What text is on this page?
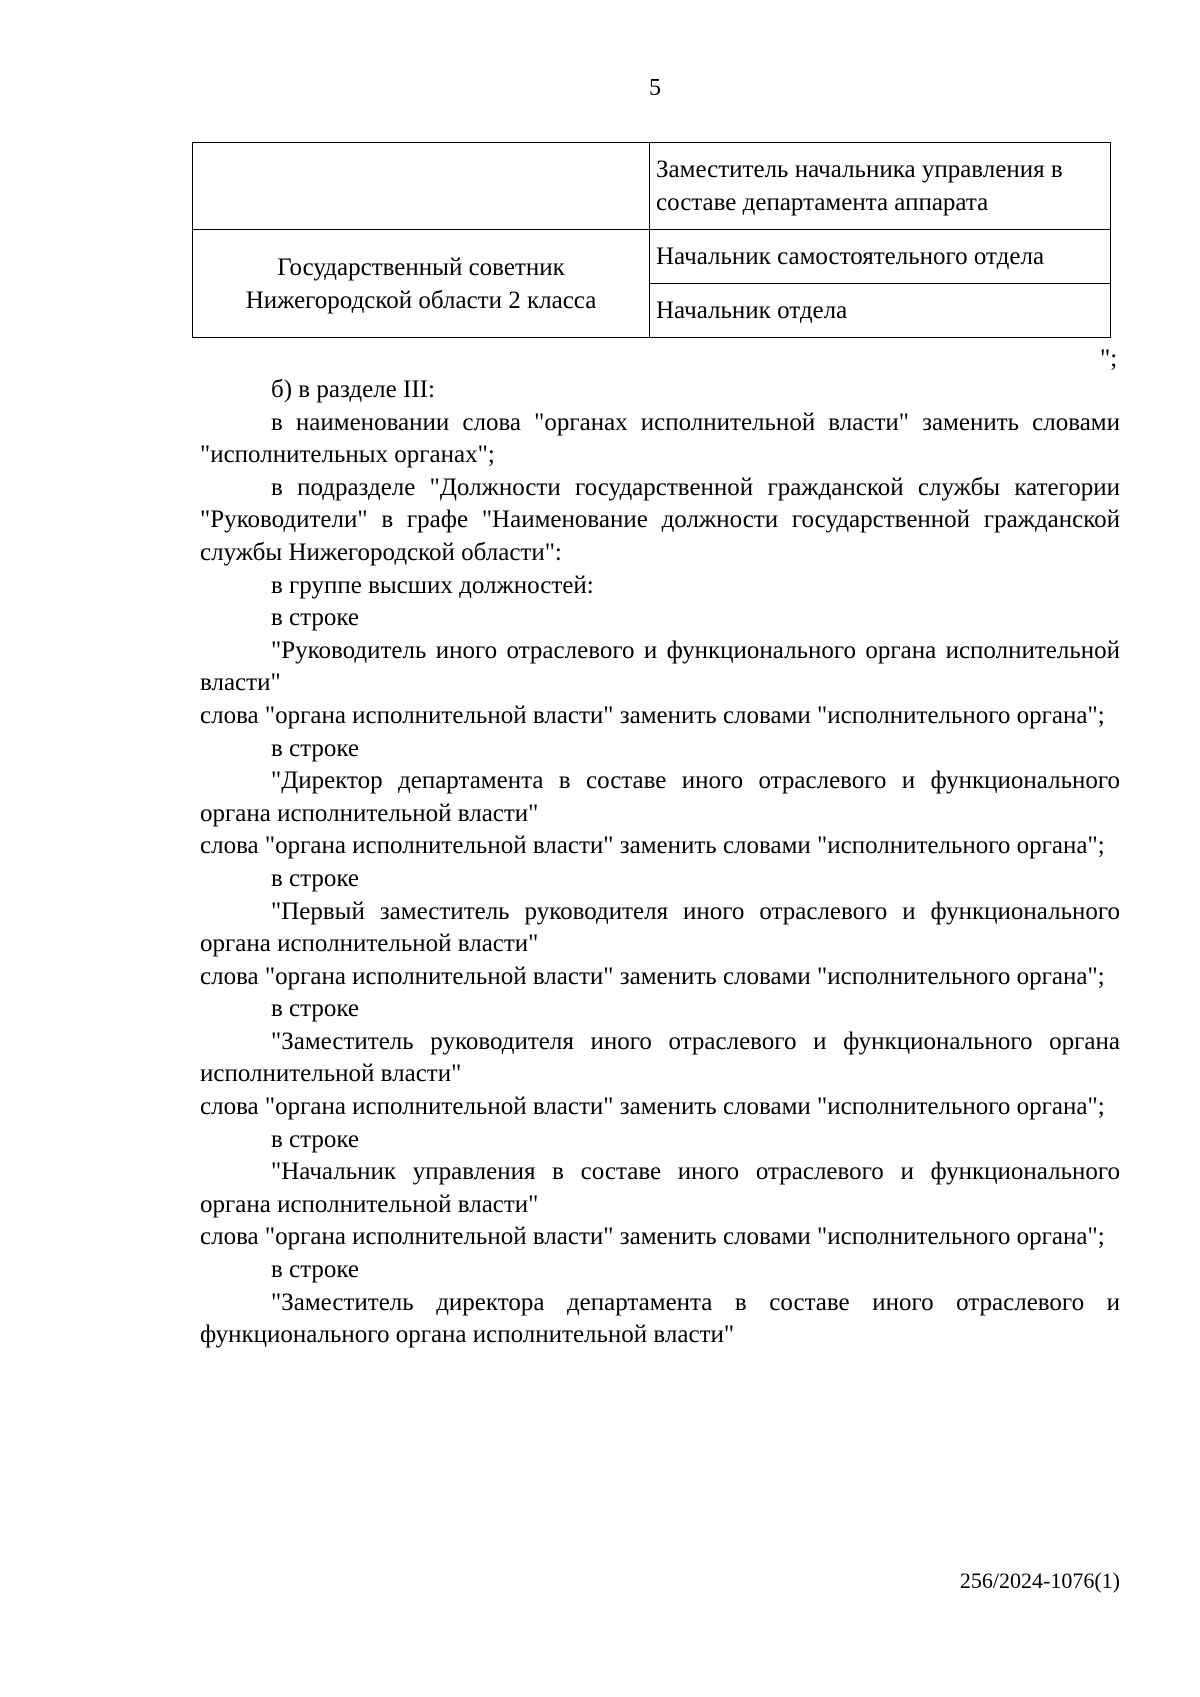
5
	Заместитель начальника управления в составе департамента аппарата
Государственный советник Нижегородской области 2 класса	Начальник самостоятельного отдела
	Начальник отдела
";

б) в разделе III:

в наименовании слова "органах исполнительной власти" заменить словами "исполнительных органах";

в подразделе "Должности государственной гражданской службы категории "Руководители" в графе "Наименование должности государственной гражданской службы Нижегородской области":

в группе высших должностей:

в строке

"Руководитель иного отраслевого и функционального органа исполнительной власти"

слова "органа исполнительной власти" заменить словами "исполнительного органа";

в строке

"Директор департамента в составе иного отраслевого и функционального органа исполнительной власти"

слова "органа исполнительной власти" заменить словами "исполнительного органа";

в строке

"Первый заместитель руководителя иного отраслевого и функционального органа исполнительной власти"

слова "органа исполнительной власти" заменить словами "исполнительного органа";

в строке

"Заместитель руководителя иного отраслевого и функционального органа исполнительной власти"

слова "органа исполнительной власти" заменить словами "исполнительного органа";

в строке

"Начальник управления в составе иного отраслевого и функционального органа исполнительной власти"

слова "органа исполнительной власти" заменить словами "исполнительного органа";

в строке

"Заместитель директора департамента в составе иного отраслевого и функционального органа исполнительной власти"

256/2024-1076(1)
